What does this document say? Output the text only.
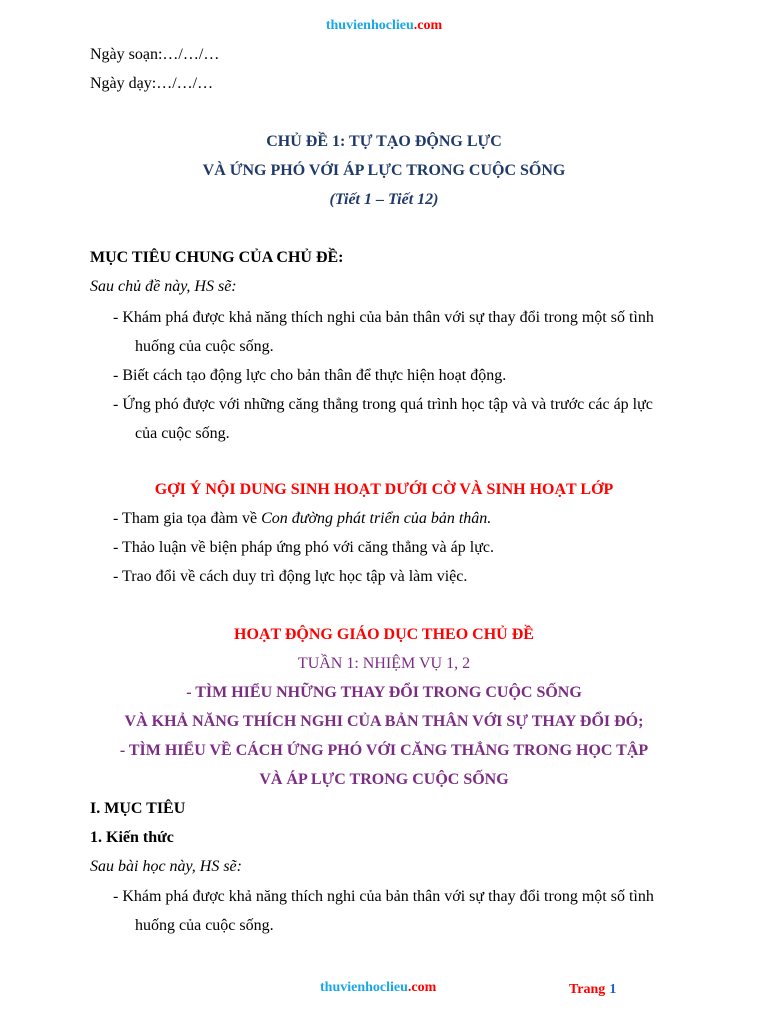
thuvienhoclieu.com
Ngày soạn:…/…/…
Ngày dạy:…/…/…
CHỦ ĐỀ 1: TỰ TẠO ĐỘNG LỰC
VÀ ỨNG PHÓ VỚI ÁP LỰC TRONG CUỘC SỐNG
(Tiết 1 – Tiết 12)
MỤC TIÊU CHUNG CỦA CHỦ ĐỀ:
Sau chủ đề này, HS sẽ:
- Khám phá được khả năng thích nghi của bản thân với sự thay đổi trong một số tình
huống của cuộc sống.
- Biết cách tạo động lực cho bản thân để thực hiện hoạt động.
- Ứng phó được với những căng thẳng trong quá trình học tập và và trước các áp lực
của cuộc sống.
GỢI Ý NỘI DUNG SINH HOẠT DƯỚI CỜ VÀ SINH HOẠT LỚP
- Tham gia tọa đàm về Con đường phát triển của bản thân.
- Thảo luận về biện pháp ứng phó với căng thẳng và áp lực.
- Trao đổi về cách duy trì động lực học tập và làm việc.
HOẠT ĐỘNG GIÁO DỤC THEO CHỦ ĐỀ
TUẦN 1: NHIỆM VỤ 1, 2
- TÌM HIỂU NHỮNG THAY ĐỔI TRONG CUỘC SỐNG
VÀ KHẢ NĂNG THÍCH NGHI CỦA BẢN THÂN VỚI SỰ THAY ĐỔI ĐÓ;
- TÌM HIỂU VỀ CÁCH ỨNG PHÓ VỚI CĂNG THẲNG TRONG HỌC TẬP
VÀ ÁP LỰC TRONG CUỘC SỐNG
I. MỤC TIÊU
1. Kiến thức
Sau bài học này, HS sẽ:
- Khám phá được khả năng thích nghi của bản thân với sự thay đổi trong một số tình
huống của cuộc sống.
thuvienhoclieu.com	Trang 1
